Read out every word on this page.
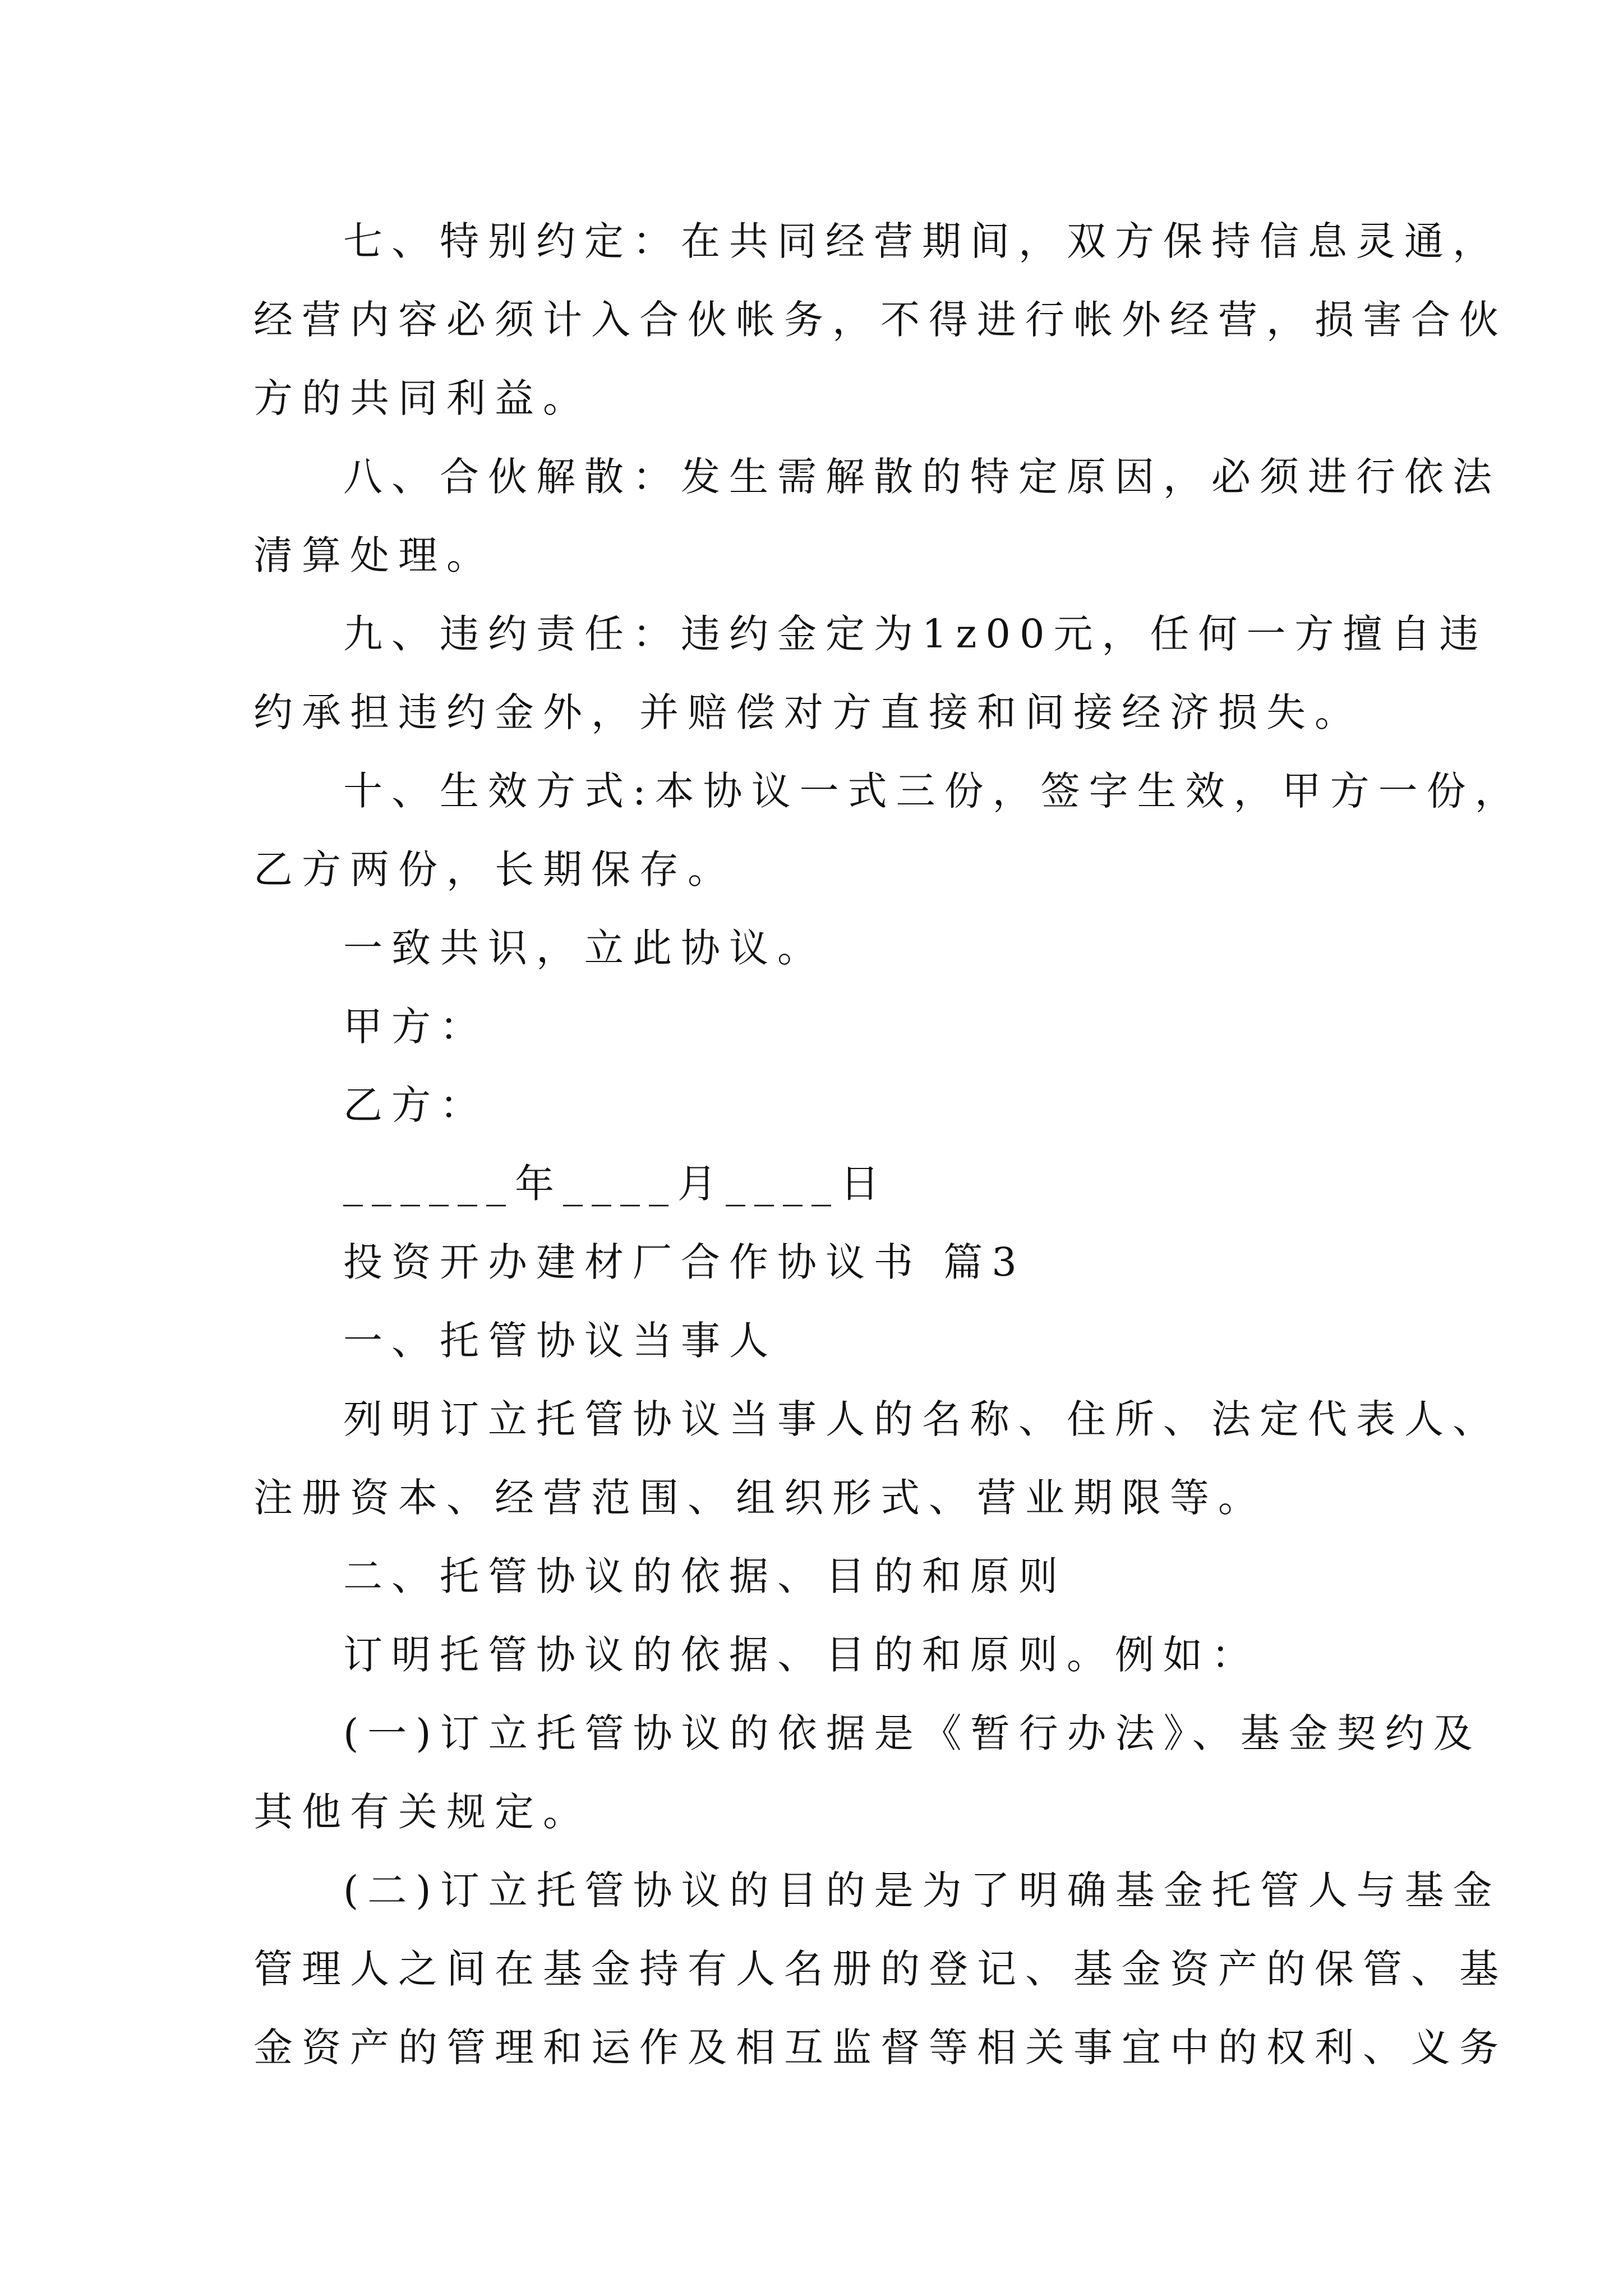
七、特别约定：在共同经营期间，双方保持信息灵通，
经营内容必须计入合伙帐务，不得进行帐外经营，损害合伙
方的共同利益。
八、合伙解散：发生需解散的特定原因，必须进行依法
清算处理。
九、违约责任：违约金定为1z00元，任何一方擅自违
约承担违约金外，并赔偿对方直接和间接经济损失。
十、生效方式:本协议一式三份，签字生效，甲方一份，
乙方两份，长期保存。
一致共识，立此协议。
甲方：
乙方：
______年____月____日
投资开办建材厂合作协议书 篇3
一、托管协议当事人
列明订立托管协议当事人的名称、住所、法定代表人、
注册资本、经营范围、组织形式、营业期限等。
二、托管协议的依据、目的和原则
订明托管协议的依据、目的和原则。例如：
(一)订立托管协议的依据是《暂行办法》、基金契约及
其他有关规定。
(二)订立托管协议的目的是为了明确基金托管人与基金
管理人之间在基金持有人名册的登记、基金资产的保管、基
金资产的管理和运作及相互监督等相关事宜中的权利、义务
